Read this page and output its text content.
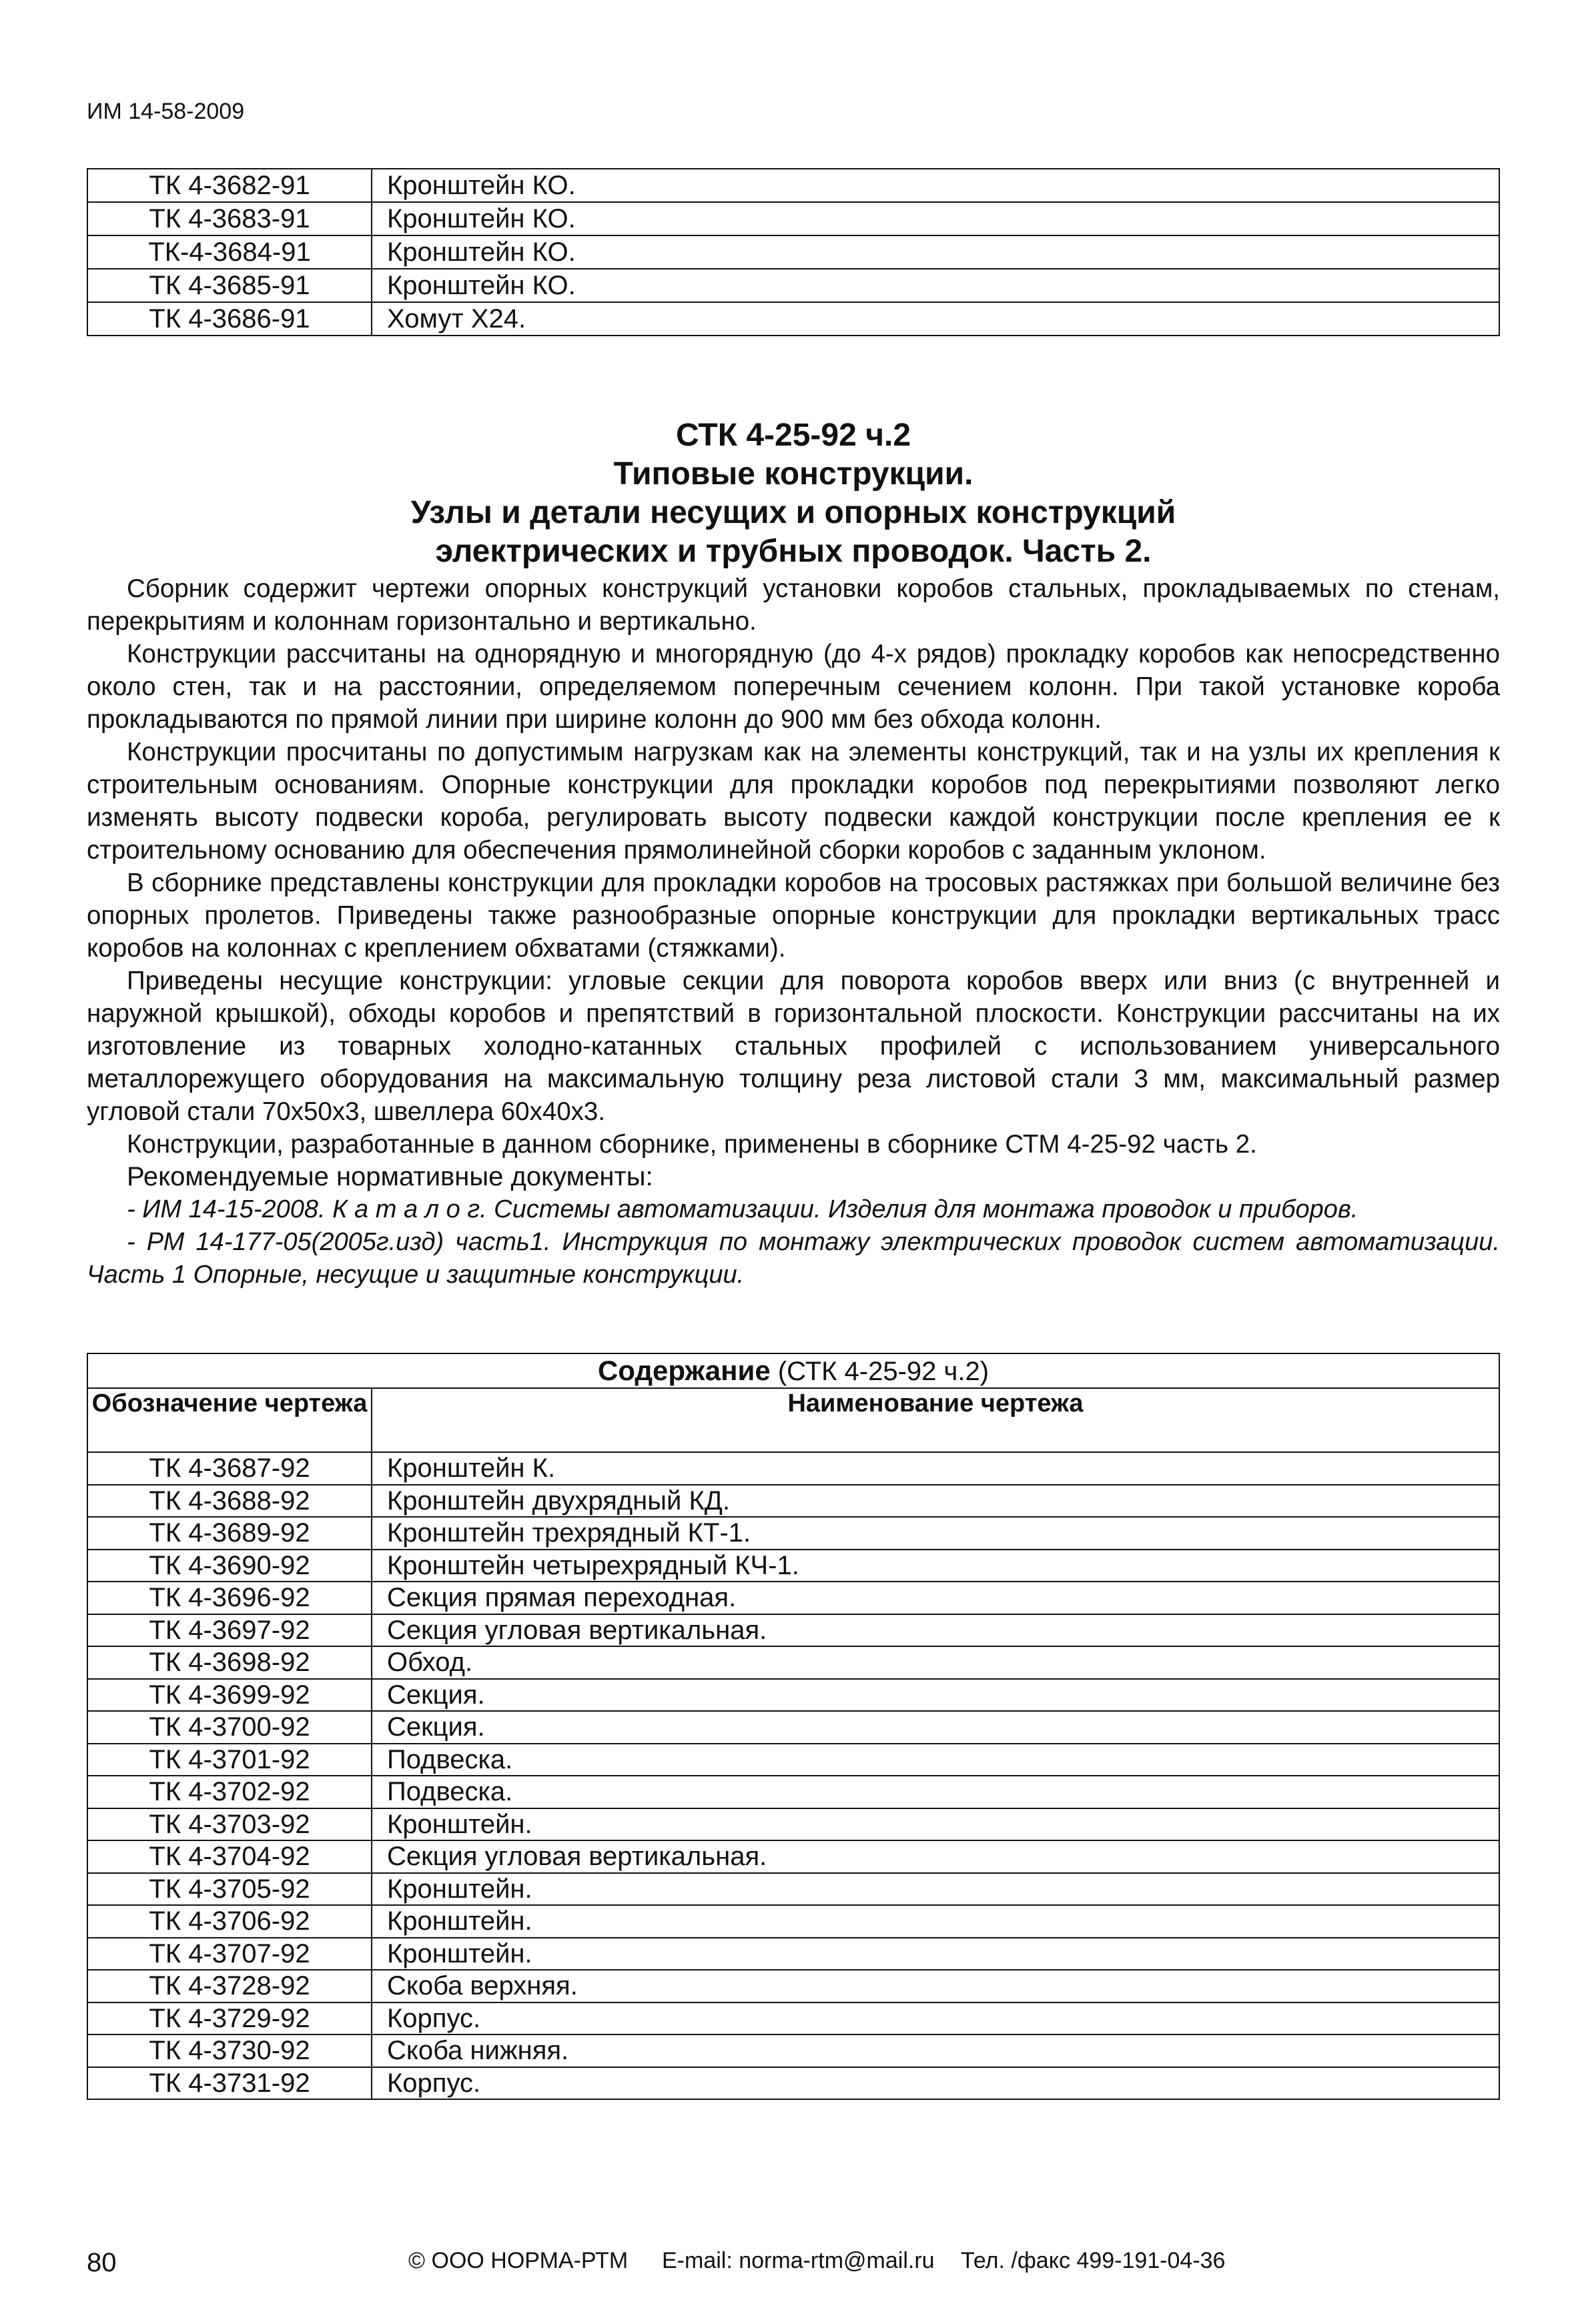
ИМ 14-58-2009
ТК 4-3682-91	Кронштейн КО.
ТК 4-3683-91	Кронштейн КО.
ТК-4-3684-91	Кронштейн КО.
ТК 4-3685-91	Кронштейн КО.
ТК 4-3686-91	Хомут Х24.
СТК 4-25-92 ч.2
Типовые конструкции.
Узлы и детали несущих и опорных конструкций
электрических и трубных проводок. Часть 2.

Сборник содержит чертежи опорных конструкций установки коробов стальных, прокладываемых по стенам, перекрытиям и колоннам горизонтально и вертикально.

Конструкции рассчитаны на однорядную и многорядную (до 4-х рядов) прокладку коробов как непосредственно около стен, так и на расстоянии, определяемом поперечным сечением колонн. При такой установке короба прокладываются по прямой линии при ширине колонн до 900 мм без обхода колонн.

Конструкции просчитаны по допустимым нагрузкам как на элементы конструкций, так и на узлы их крепления к строительным основаниям. Опорные конструкции для прокладки коробов под перекрытиями позволяют легко изменять высоту подвески короба, регулировать высоту подвески каждой конструкции после крепления ее к строительному основанию для обеспечения прямолинейной сборки коробов с заданным уклоном.

В сборнике представлены конструкции для прокладки коробов на тросовых растяжках при большой величине без опорных пролетов. Приведены также разнообразные опорные конструкции для прокладки вертикальных трасс коробов на колоннах с креплением обхватами (стяжками).

Приведены несущие конструкции: угловые секции для поворота коробов вверх или вниз (с внутренней и наружной крышкой), обходы коробов и препятствий в горизонтальной плоскости. Конструкции рассчитаны на их изготовление из товарных холодно-катанных стальных профилей с использованием универсального металлорежущего оборудования на максимальную толщину реза листовой стали 3 мм, максимальный размер угловой стали 70х50х3, швеллера 60х40х3.

Конструкции, разработанные в данном сборнике, применены в сборнике СТМ 4-25-92 часть 2.

Рекомендуемые нормативные документы:

- ИМ 14-15-2008. К а т а л о г. Системы автоматизации. Изделия для монтажа проводок и приборов.

- РМ 14-177-05(2005г.изд) часть1. Инструкция по монтажу электрических проводок систем автоматизации. Часть 1 Опорные, несущие и защитные конструкции.

Содержание (СТК 4-25-92 ч.2)	
Обозначение чертежа	Наименование чертежа
ТК 4-3687-92	Кронштейн К.
ТК 4-3688-92	Кронштейн двухрядный КД.
ТК 4-3689-92	Кронштейн трехрядный КТ-1.
ТК 4-3690-92	Кронштейн четырехрядный КЧ-1.
ТК 4-3696-92	Секция прямая переходная.
ТК 4-3697-92	Секция угловая вертикальная.
ТК 4-3698-92	Обход.
ТК 4-3699-92	Секция.
ТК 4-3700-92	Секция.
ТК 4-3701-92	Подвеска.
ТК 4-3702-92	Подвеска.
ТК 4-3703-92	Кронштейн.
ТК 4-3704-92	Секция угловая вертикальная.
ТК 4-3705-92	Кронштейн.
ТК 4-3706-92	Кронштейн.
ТК 4-3707-92	Кронштейн.
ТК 4-3728-92	Скоба верхняя.
ТК 4-3729-92	Корпус.
ТК 4-3730-92	Скоба нижняя.
ТК 4-3731-92	Корпус.
80	© ООО НОРМА-РТМ E-mail: norma-rtm@mail.ru Тел. /факс 499-191-04-36
